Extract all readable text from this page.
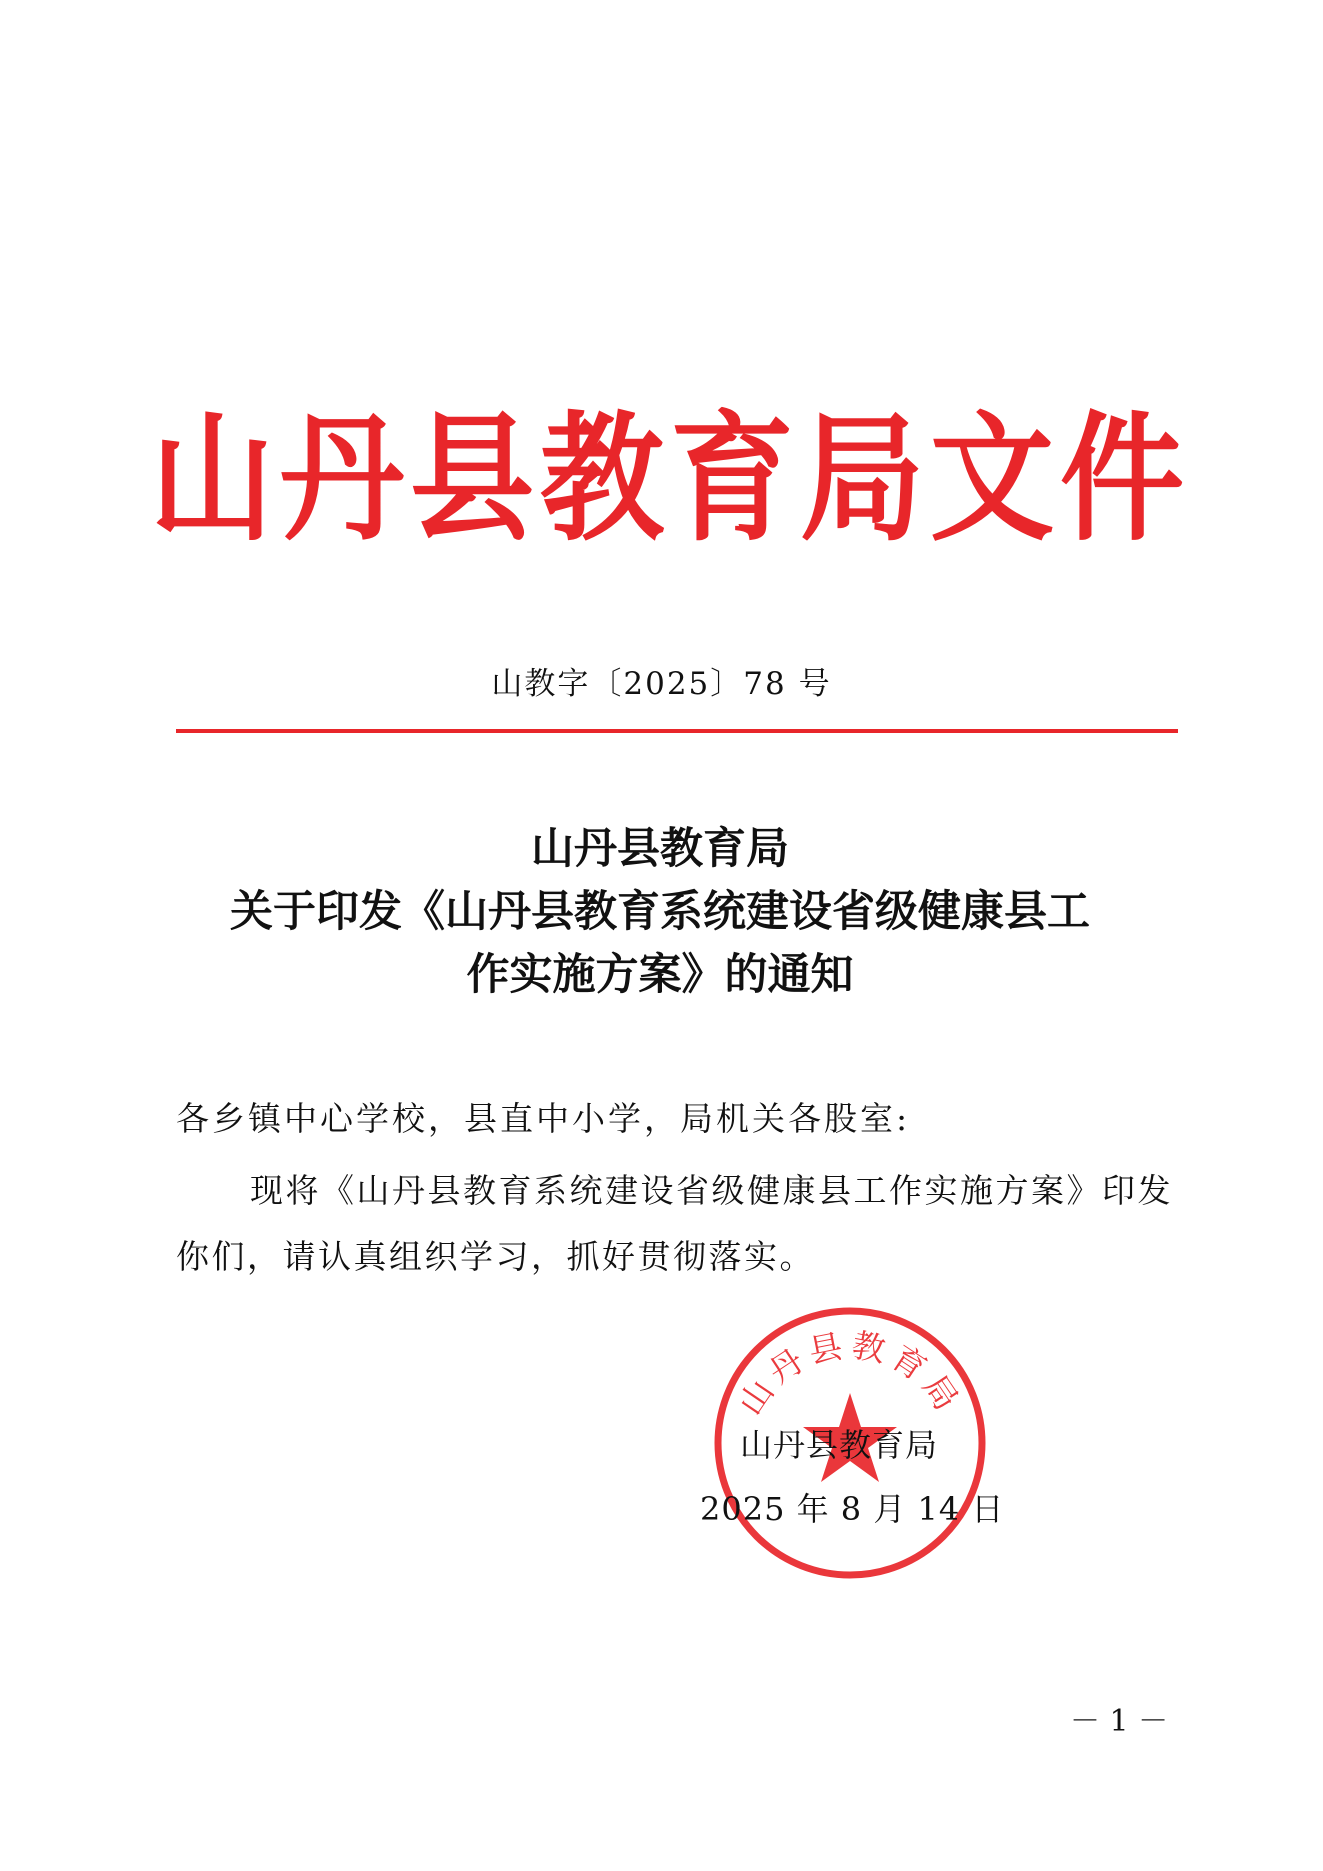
山丹县教育局文件
山教字〔2025〕78 号
山丹县教育局
关于印发《山丹县教育系统建设省级健康县工
作实施方案》的通知

各乡镇中心学校，县直中小学，局机关各股室:

现将《山丹县教育系统建设省级健康县工作实施方案》印发
你们，请认真组织学习，抓好贯彻落实。

山丹县教育局

山丹县教育局

2025 年 8 月 14 日

－ 1 －
